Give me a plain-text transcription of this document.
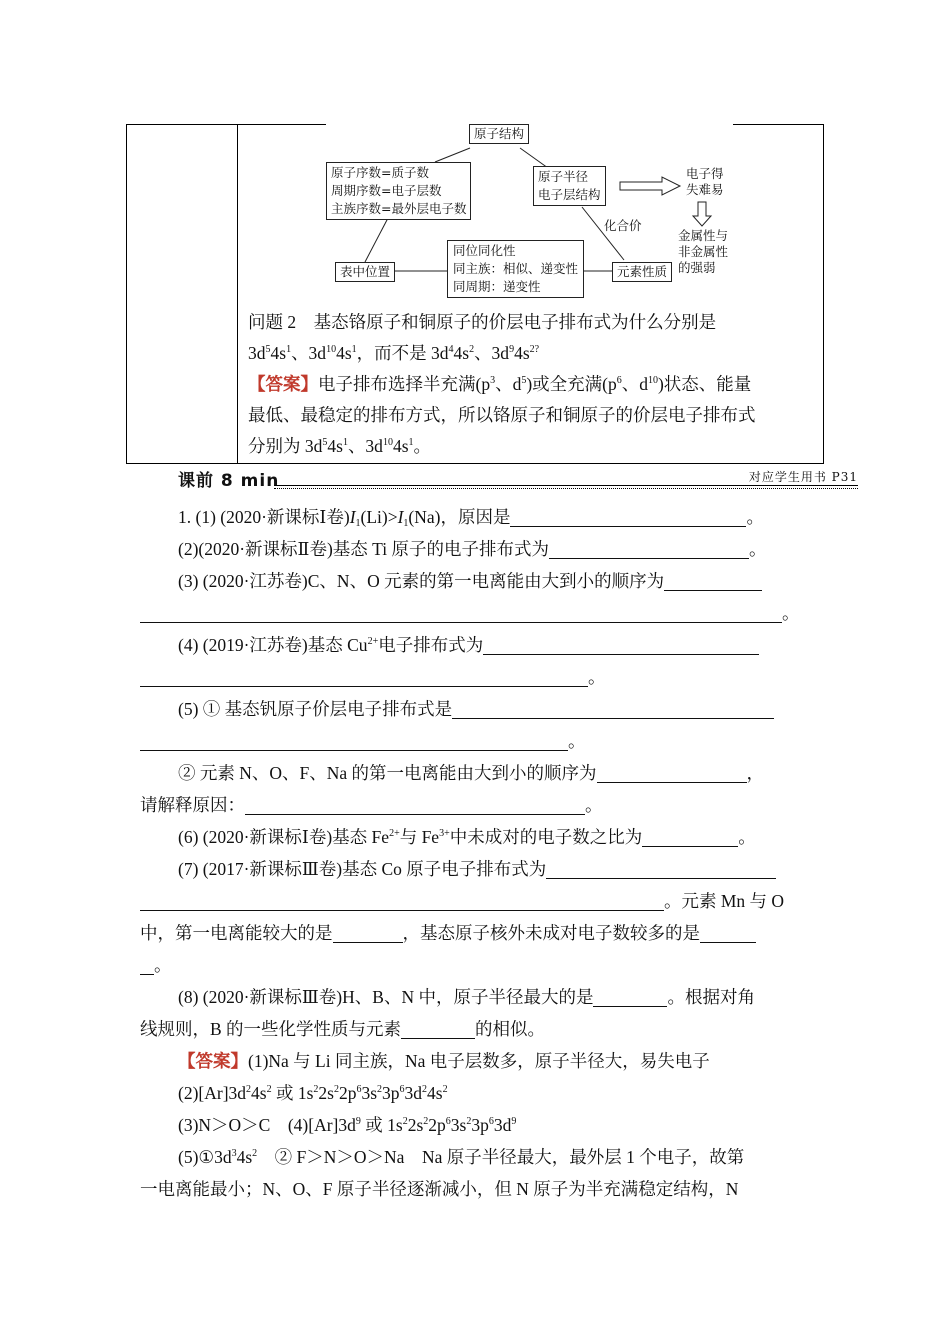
原子结构
原子序数=质子数
周期序数=电子层数
主族序数=最外层电子数
原子半径
电子层结构
电子得
失难易
金属性与
非金属性
的强弱
化合价
表中位置
同位同化性
同主族：相似、递变性
同周期：递变性
元素性质
问题 2　基态铬原子和铜原子的价层电子排布式为什么分别是
$3d^54s^1$、$3d^{10}4s^1$，而不是 $3d^44s^2$、$3d^94s^{2?}$
【答案】电子排布选择半充满($p^3$、$d^5$)或全充满($p^6$、$d^{10}$)状态、能量
最低、最稳定的排布方式，所以铬原子和铜原子的价层电子排布式
分别为 $3d^54s^1$、$3d^{10}4s^1$。
课前 8 min	对应学生用书 P31
1. (1) (2020·新课标Ⅰ卷)$I_1(Li)>I_1(Na)$，原因是	。
(2)(2020·新课标Ⅱ卷)基态 Ti 原子的电子排布式为	。
(3) (2020·江苏卷)C、N、O 元素的第一电离能由大到小的顺序为
。
(4) (2019·江苏卷)基态 $Cu^{2+}$电子排布式为
。
(5) ① 基态钒原子价层电子排布式是
。
② 元素 N、O、F、Na 的第一电离能由大到小的顺序为	，
请解释原因：	。
(6) (2020·新课标Ⅰ卷)基态 $Fe^{2+}$与 $Fe^{3+}$中未成对的电子数之比为	。
(7) (2017·新课标Ⅲ卷)基态 Co 原子电子排布式为
。元素 Mn 与 O
中，第一电离能较大的是	，基态原子核外未成对电子数较多的是
。
(8) (2020·新课标Ⅲ卷)H、B、N 中，原子半径最大的是	。根据对角
线规则，B 的一些化学性质与元素	的相似。
【答案】(1)Na 与 Li 同主族，Na 电子层数多，原子半径大，易失电子
$(2)[Ar]3d^24s^2$ 或 $1s^22s^22p^63s^23p^63d^24s^2$
(3)N＞O＞C　$(4)[Ar]3d^9$ 或 $1s^22s^22p^63s^23p^63d^9$
$(5)①3d^34s^2$　② F＞N＞O＞Na　Na 原子半径最大，最外层 1 个电子，故第
一电离能最小；N、O、F 原子半径逐渐减小，但 N 原子为半充满稳定结构，N
